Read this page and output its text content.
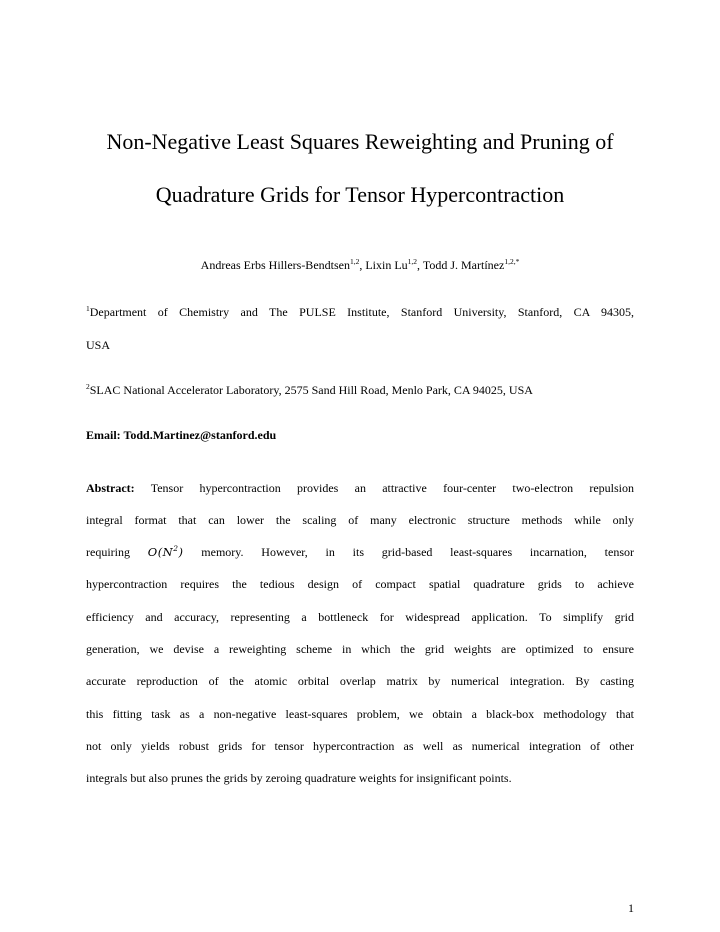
Non-Negative Least Squares Reweighting and Pruning of
Quadrature Grids for Tensor Hypercontraction
Andreas Erbs Hillers-Bendtsen$^{1,2}$, Lixin Lu$^{1,2}$, Todd J. Martínez$^{1,2,*}$
$^1$Department of Chemistry and The PULSE Institute, Stanford University, Stanford, CA 94305,
USA
$^2$SLAC National Accelerator Laboratory, 2575 Sand Hill Road, Menlo Park, CA 94025, USA
Email: Todd.Martinez@stanford.edu
Abstract: Tensor hypercontraction provides an attractive four-center two-electron repulsion
integral format that can lower the scaling of many electronic structure methods while only
requiring $O(N^2)$ memory. However, in its grid-based least-squares incarnation, tensor
hypercontraction requires the tedious design of compact spatial quadrature grids to achieve
efficiency and accuracy, representing a bottleneck for widespread application. To simplify grid
generation, we devise a reweighting scheme in which the grid weights are optimized to ensure
accurate reproduction of the atomic orbital overlap matrix by numerical integration. By casting
this fitting task as a non-negative least-squares problem, we obtain a black-box methodology that
not only yields robust grids for tensor hypercontraction as well as numerical integration of other
integrals but also prunes the grids by zeroing quadrature weights for insignificant points.
1
